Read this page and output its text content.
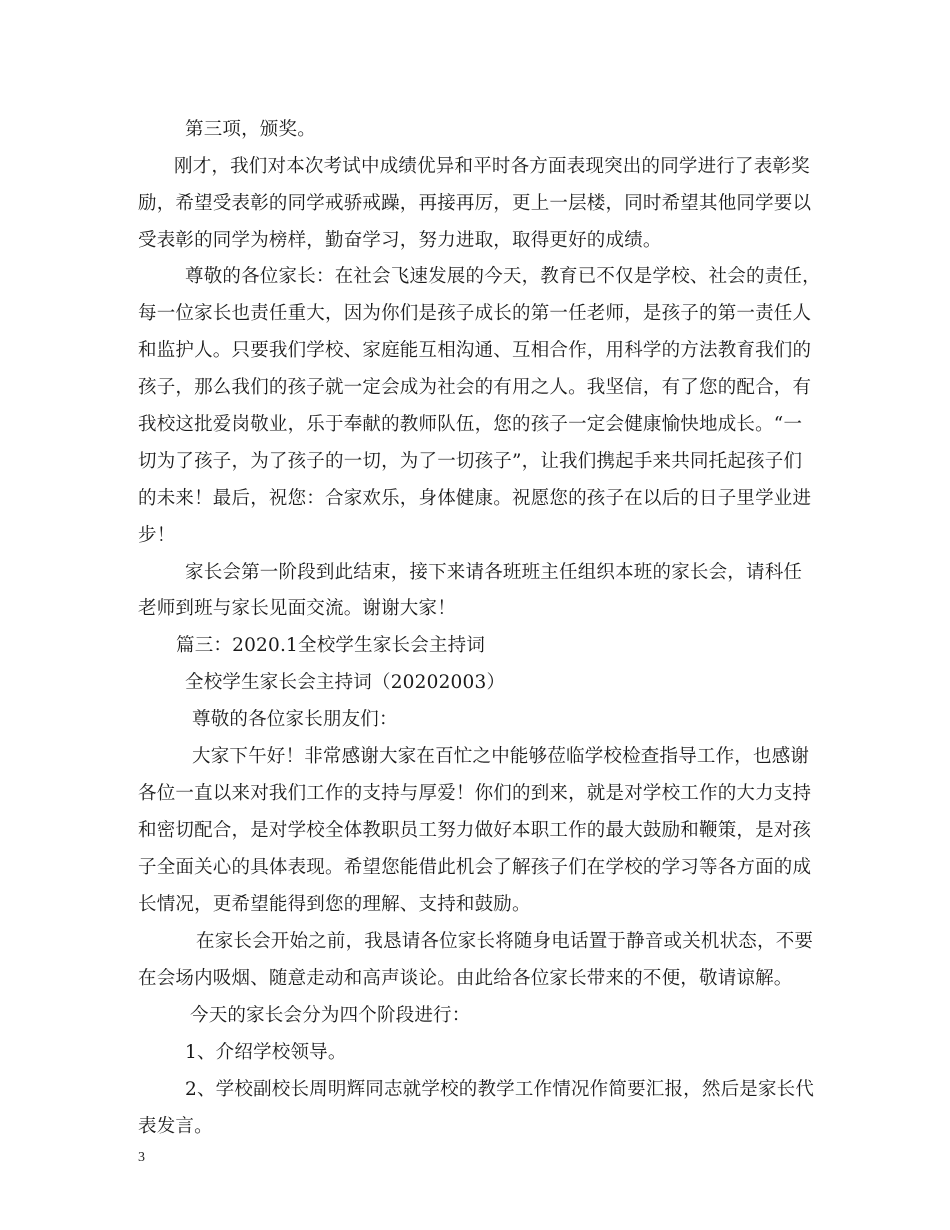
第三项，颁奖。
刚才，我们对本次考试中成绩优异和平时各方面表现突出的同学进行了表彰奖
励，希望受表彰的同学戒骄戒躁，再接再厉，更上一层楼，同时希望其他同学要以
受表彰的同学为榜样，勤奋学习，努力进取，取得更好的成绩。
尊敬的各位家长：在社会飞速发展的今天，教育已不仅是学校、社会的责任，
每一位家长也责任重大，因为你们是孩子成长的第一任老师，是孩子的第一责任人
和监护人。只要我们学校、家庭能互相沟通、互相合作，用科学的方法教育我们的
孩子，那么我们的孩子就一定会成为社会的有用之人。我坚信，有了您的配合，有
我校这批爱岗敬业，乐于奉献的教师队伍，您的孩子一定会健康愉快地成长。“一
切为了孩子，为了孩子的一切，为了一切孩子”，让我们携起手来共同托起孩子们
的未来！最后，祝您：合家欢乐，身体健康。祝愿您的孩子在以后的日子里学业进
步！
家长会第一阶段到此结束，接下来请各班班主任组织本班的家长会，请科任
老师到班与家长见面交流。谢谢大家！
篇三：2020.1全校学生家长会主持词
全校学生家长会主持词（20202003）
尊敬的各位家长朋友们：
大家下午好！非常感谢大家在百忙之中能够莅临学校检查指导工作，也感谢
各位一直以来对我们工作的支持与厚爱！你们的到来，就是对学校工作的大力支持
和密切配合，是对学校全体教职员工努力做好本职工作的最大鼓励和鞭策，是对孩
子全面关心的具体表现。希望您能借此机会了解孩子们在学校的学习等各方面的成
长情况，更希望能得到您的理解、支持和鼓励。
在家长会开始之前，我恳请各位家长将随身电话置于静音或关机状态，不要
在会场内吸烟、随意走动和高声谈论。由此给各位家长带来的不便，敬请谅解。
今天的家长会分为四个阶段进行：
1、介绍学校领导。
2、学校副校长周明辉同志就学校的教学工作情况作简要汇报，然后是家长代
表发言。
3
